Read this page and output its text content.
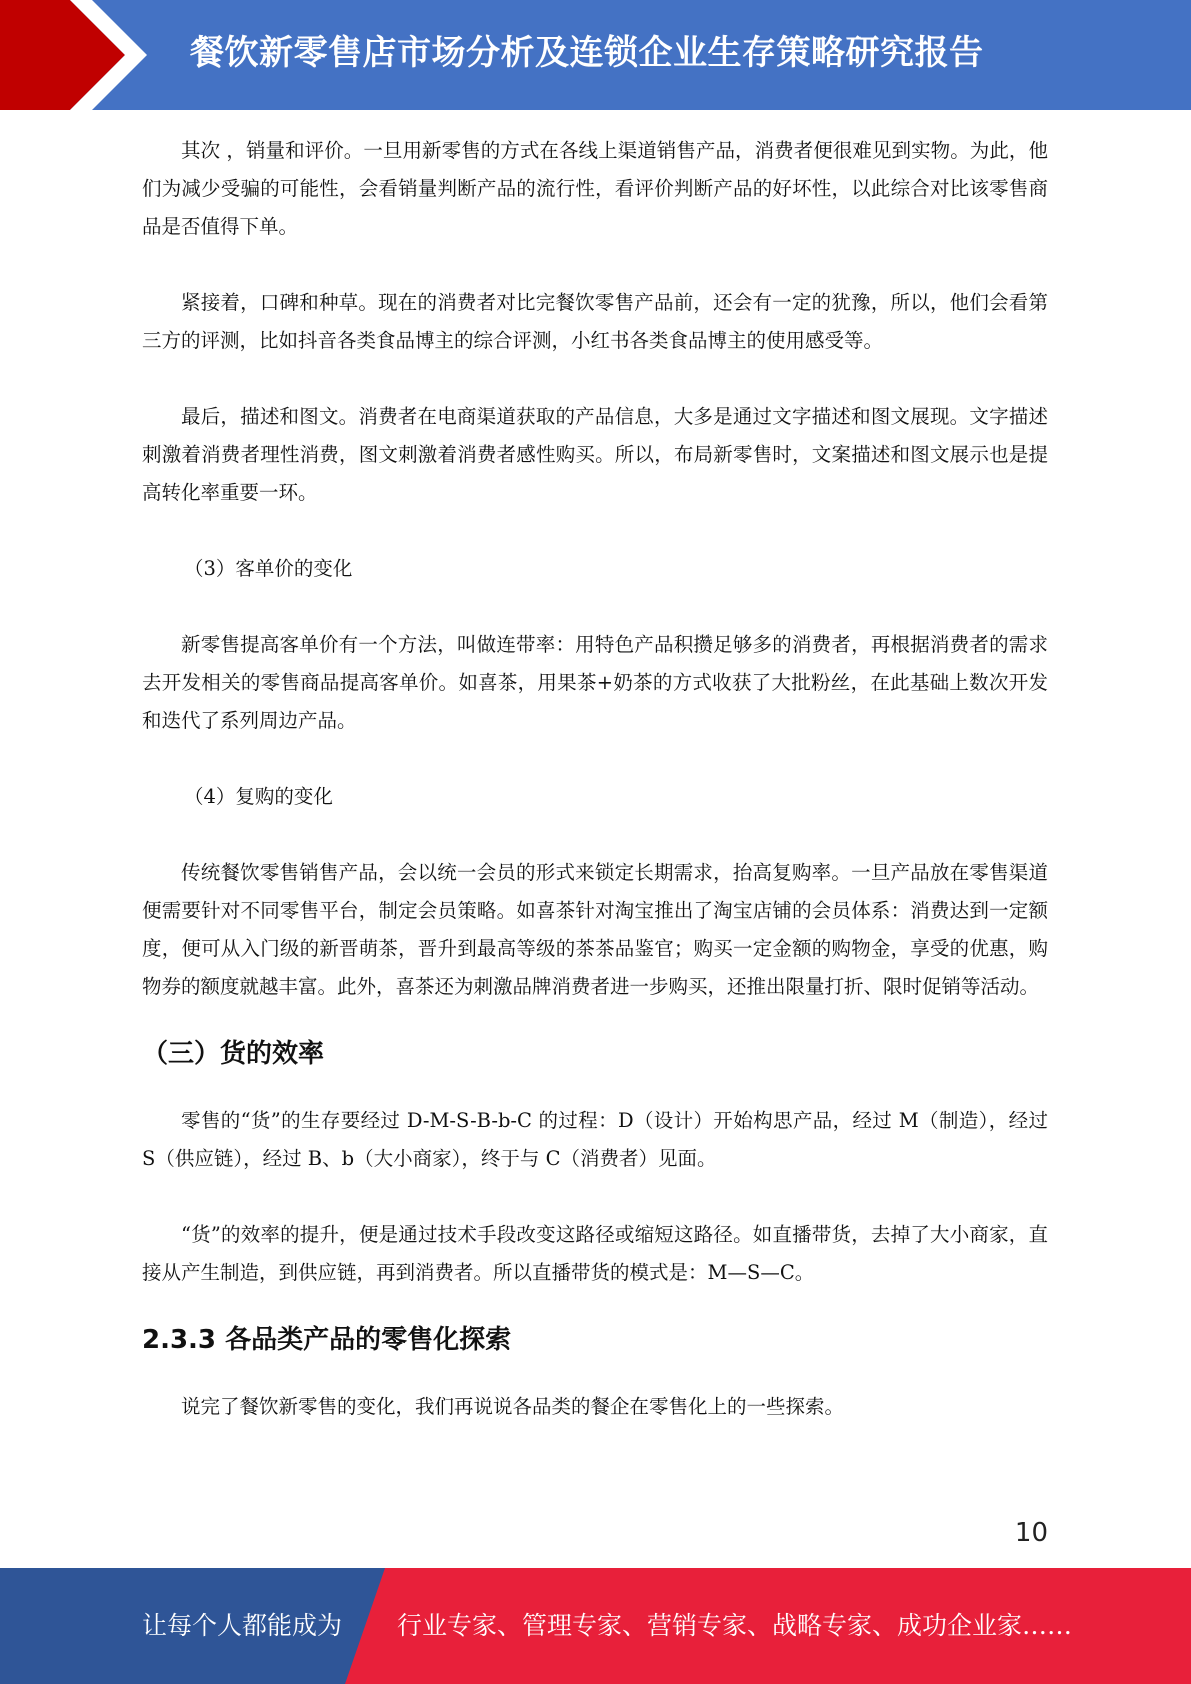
餐饮新零售店市场分析及连锁企业生存策略研究报告

其次 ，销量和评价。一旦用新零售的方式在各线上渠道销售产品，消费者便很难见到实物。为此，他们为减少受骗的可能性，会看销量判断产品的流行性，看评价判断产品的好坏性，以此综合对比该零售商品是否值得下单。

紧接着，口碑和种草。现在的消费者对比完餐饮零售产品前，还会有一定的犹豫，所以，他们会看第三方的评测，比如抖音各类食品博主的综合评测，小红书各类食品博主的使用感受等。

最后，描述和图文。消费者在电商渠道获取的产品信息，大多是通过文字描述和图文展现。文字描述刺激着消费者理性消费，图文刺激着消费者感性购买。所以，布局新零售时，文案描述和图文展示也是提高转化率重要一环。

（3）客单价的变化

新零售提高客单价有一个方法，叫做连带率：用特色产品积攒足够多的消费者，再根据消费者的需求去开发相关的零售商品提高客单价。如喜茶，用果茶+奶茶的方式收获了大批粉丝，在此基础上数次开发和迭代了系列周边产品。

（4）复购的变化

传统餐饮零售销售产品，会以统一会员的形式来锁定长期需求，抬高复购率。一旦产品放在零售渠道便需要针对不同零售平台，制定会员策略。如喜茶针对淘宝推出了淘宝店铺的会员体系：消费达到一定额度，便可从入门级的新晋萌茶，晋升到最高等级的茶茶品鉴官；购买一定金额的购物金，享受的优惠，购物券的额度就越丰富。此外，喜茶还为刺激品牌消费者进一步购买，还推出限量打折、限时促销等活动。

（三）货的效率

零售的“货”的生存要经过 D-M-S-B-b-C 的过程：D（设计）开始构思产品，经过 M（制造），经过 S（供应链），经过 B、b（大小商家），终于与 C（消费者）见面。

“货”的效率的提升，便是通过技术手段改变这路径或缩短这路径。如直播带货，去掉了大小商家，直接从产生制造，到供应链，再到消费者。所以直播带货的模式是：M—S—C。

2.3.3 各品类产品的零售化探索

说完了餐饮新零售的变化，我们再说说各品类的餐企在零售化上的一些探索。

10
让每个人都能成为 行业专家、管理专家、营销专家、战略专家、成功企业家……
